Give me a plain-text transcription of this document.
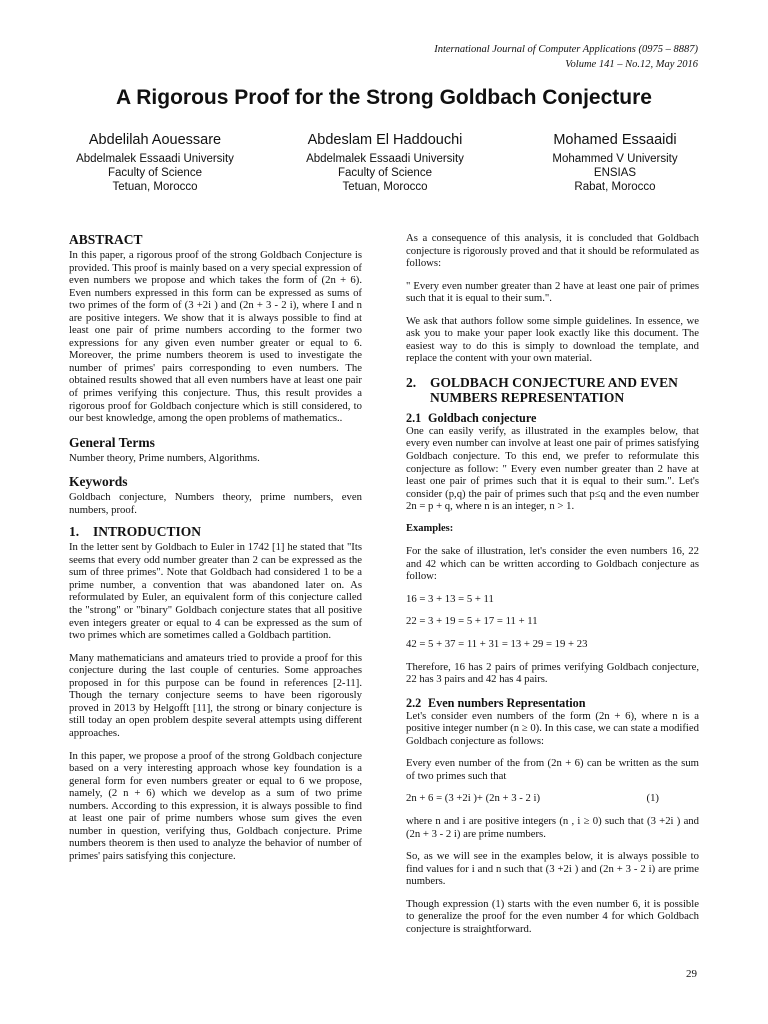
International Journal of Computer Applications (0975 – 8887)
Volume 141 – No.12, May 2016
A Rigorous Proof for the Strong Goldbach Conjecture
Abdelilah Aouessare
Abdelmalek Essaadi University
Faculty of Science
Tetuan, Morocco
Abdeslam El Haddouchi
Abdelmalek Essaadi University
Faculty of Science
Tetuan, Morocco
Mohamed Essaaidi
Mohammed V University
ENSIAS
Rabat, Morocco
ABSTRACT

In this paper, a rigorous proof of the strong Goldbach Conjecture is provided. This proof is mainly based on a very special expression of even numbers we propose and which takes the form of (2n + 6). Even numbers expressed in this form can be expressed as sums of two primes of the form of (3 +2i ) and (2n + 3 - 2 i), where I and n are positive integers. We show that it is always possible to find at least one pair of prime numbers according to the former two expressions for any given even number greater or equal to 6. Moreover, the prime numbers theorem is used to investigate the number of primes' pairs corresponding to even numbers. The obtained results showed that all even numbers have at least one pair of primes verifying this conjecture. Thus, this result provides a rigorous proof for Goldbach conjecture which is still considered, to our best knowledge, among the open problems of mathematics..

General Terms

Number theory, Prime numbers, Algorithms.

Keywords

Goldbach conjecture, Numbers theory, prime numbers, even numbers, proof.

1. INTRODUCTION

In the letter sent by Goldbach to Euler in 1742 [1] he stated that "Its seems that every odd number greater than 2 can be expressed as the sum of three primes". Note that Goldbach had considered 1 to be a prime number, a convention that was abandoned later on. As reformulated by Euler, an equivalent form of this conjecture called the "strong" or "binary" Goldbach conjecture states that all positive even integers greater or equal to 4 can be expressed as the sum of two primes which are sometimes called a Goldbach partition.

Many mathematicians and amateurs tried to provide a proof for this conjecture during the last couple of centuries. Some approaches proposed in for this purpose can be found in references [2-11]. Though the ternary conjecture seems to have been rigorously proved in 2013 by Helgofft [11], the strong or binary conjecture is still today an open problem despite several attempts using different approaches.

In this paper, we propose a proof of the strong Goldbach conjecture based on a very interesting approach whose key foundation is a general form for even numbers greater or equal to 6 we propose, namely, (2 n + 6) which we develop as a sum of two prime numbers. According to this expression, it is always possible to find at least one pair of prime numbers whose sum gives the even number in question, verifying thus, Goldbach conjecture. Prime numbers theorem is then used to analyze the behavior of number of primes' pairs satisfying this conjecture.

As a consequence of this analysis, it is concluded that Goldbach conjecture is rigorously proved and that it should be reformulated as follows:

" Every even number greater than 2 have at least one pair of primes such that it is equal to their sum.".

We ask that authors follow some simple guidelines. In essence, we ask you to make your paper look exactly like this document. The easiest way to do this is simply to download the template, and replace the content with your own material.

2.	GOLDBACH CONJECTURE AND EVEN NUMBERS REPRESENTATION
2.1 Goldbach conjecture

One can easily verify, as illustrated in the examples below, that every even number can involve at least one pair of primes satisfying Goldbach conjecture. To this end, we prefer to reformulate this conjecture as follow: " Every even number greater than 2 have at least one pair of primes such that it is equal to their sum.". Let's consider (p,q) the pair of primes such that p≤q and the even number 2n = p + q, where n is an integer, n > 1.

Examples:

For the sake of illustration, let's consider the even numbers 16, 22 and 42 which can be written according to Goldbach conjecture as follow:

16 = 3 + 13 = 5 + 11

22 = 3 + 19 = 5 + 17 = 11 + 11

42 = 5 + 37 = 11 + 31 = 13 + 29 = 19 + 23

Therefore, 16 has 2 pairs of primes verifying Goldbach conjecture, 22 has 3 pairs and 42 has 4 pairs.

2.2 Even numbers Representation

Let's consider even numbers of the form (2n + 6), where n is a positive integer number (n ≥ 0). In this case, we can state a modified Goldbach conjecture as follows:

Every even number of the from (2n + 6) can be written as the sum of two primes such that

2n + 6 = (3 +2i )+ (2n + 3 - 2 i)	(1)

where n and i are positive integers (n , i ≥ 0) such that (3 +2i ) and (2n + 3 - 2 i) are prime numbers.

So, as we will see in the examples below, it is always possible to find values for i and n such that (3 +2i ) and (2n + 3 - 2 i) are prime numbers.

Though expression (1) starts with the even number 6, it is possible to generalize the proof for the even number 4 for which Goldbach conjecture is straightforward.

29
